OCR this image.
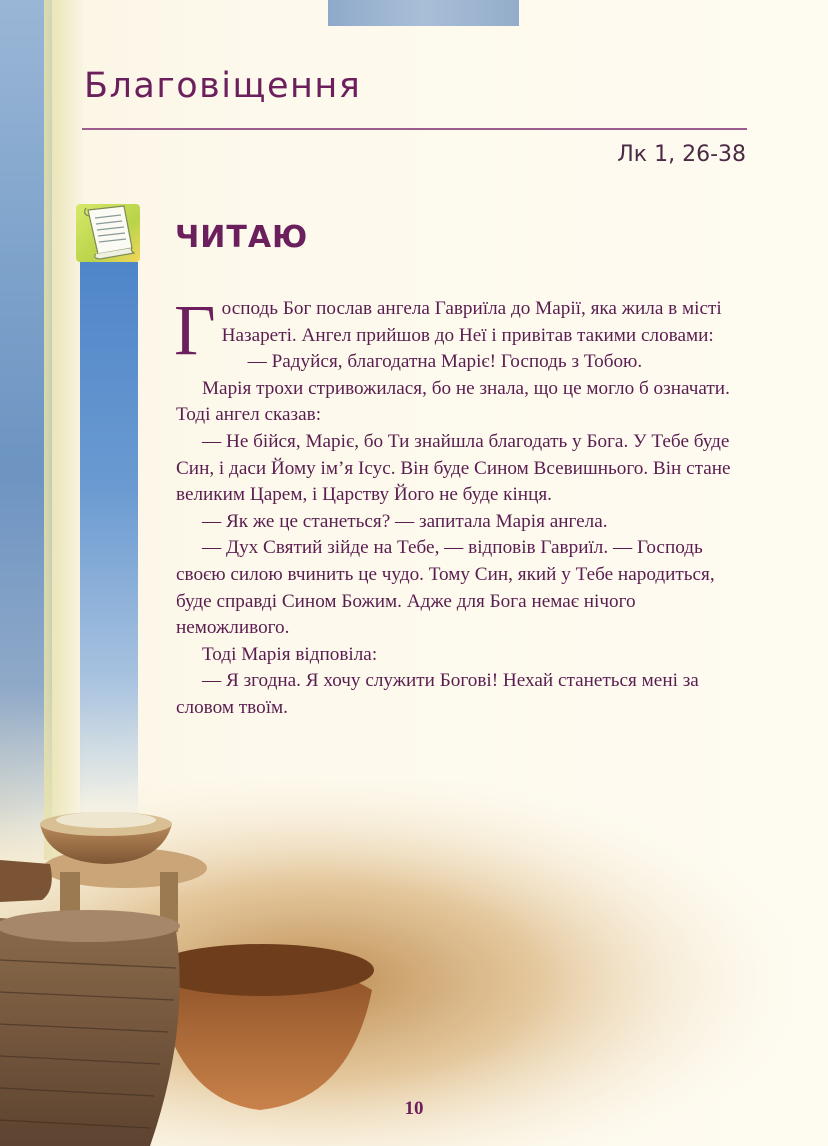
Благовіщення
Лк 1, 26-38
ЧИТАЮ

Господь Бог послав ангела Гавриїла до Марії, яка жила в місті Назареті. Ангел прийшов до Неї і привітав такими словами:

— Радуйся, благодатна Маріє! Господь з Тобою.

Марія трохи стривожилася, бо не знала, що це могло б означати. Тоді ангел сказав:

— Не бійся, Маріє, бо Ти знайшла благодать у Бога. У Тебе буде Син, і даси Йому ім’я Ісус. Він буде Сином Всевишнього. Він стане великим Царем, і Царству Його не буде кінця.

— Як же це станеться? — запитала Марія ангела.

— Дух Святий зійде на Тебе, — відповів Гавриїл. — Господь своєю силою вчинить це чудо. Тому Син, який у Тебе народиться, буде справді Сином Божим. Адже для Бога немає нічого неможливого.

Тоді Марія відповіла:

— Я згодна. Я хочу служити Богові! Нехай станеться мені за словом твоїм.

10
